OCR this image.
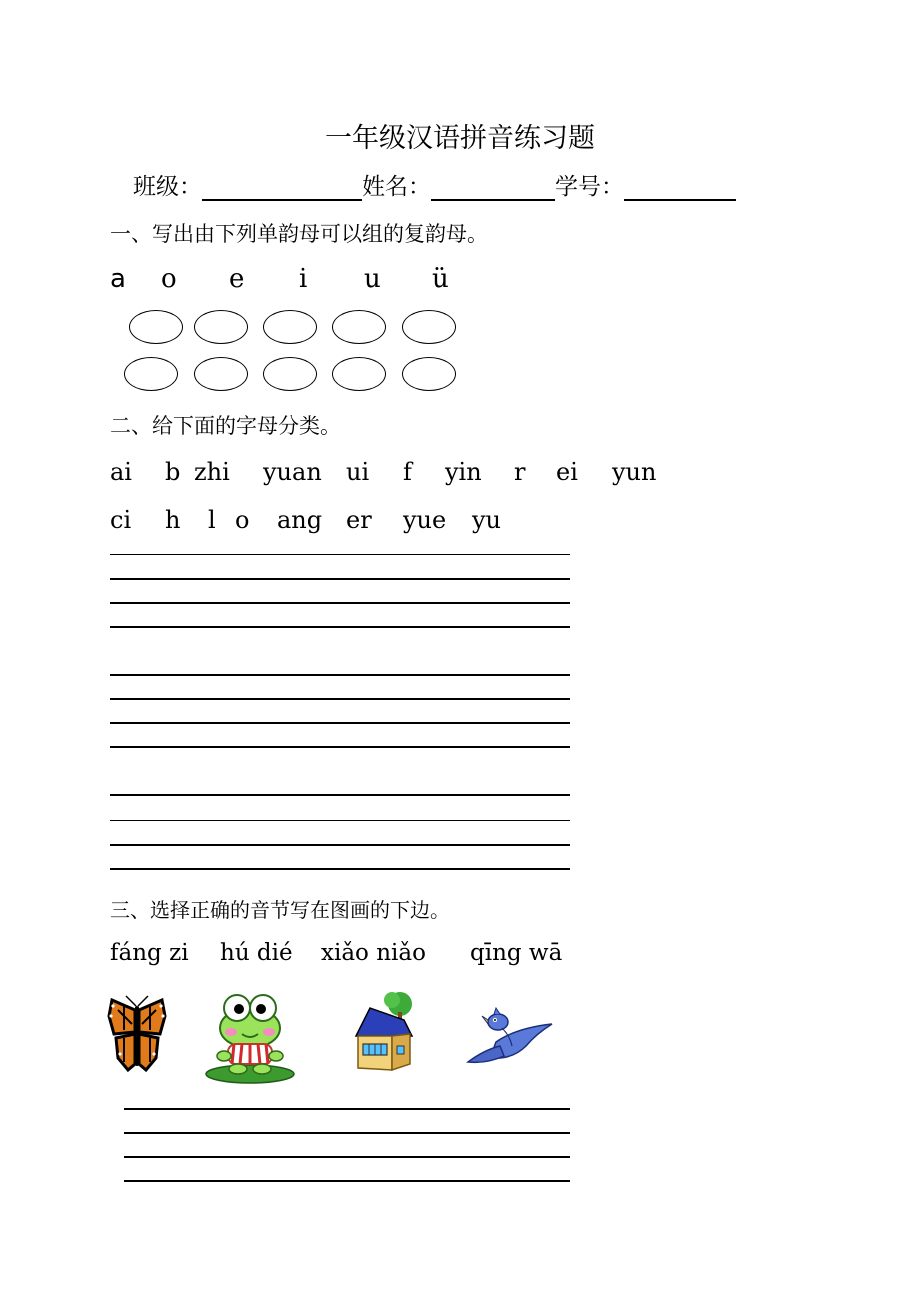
一年级汉语拼音练习题
班级：	姓名：	学号：
一、写出由下列单韵母可以组的复韵母。
a o e i u ü
二、给下面的字母分类。
ai b zhi yuan ui f yin r ei yun
ci h l o ang er yue yu
三、选择正确的音节写在图画的下边。
fáng zi hú dié xiǎo niǎo qīng wā
